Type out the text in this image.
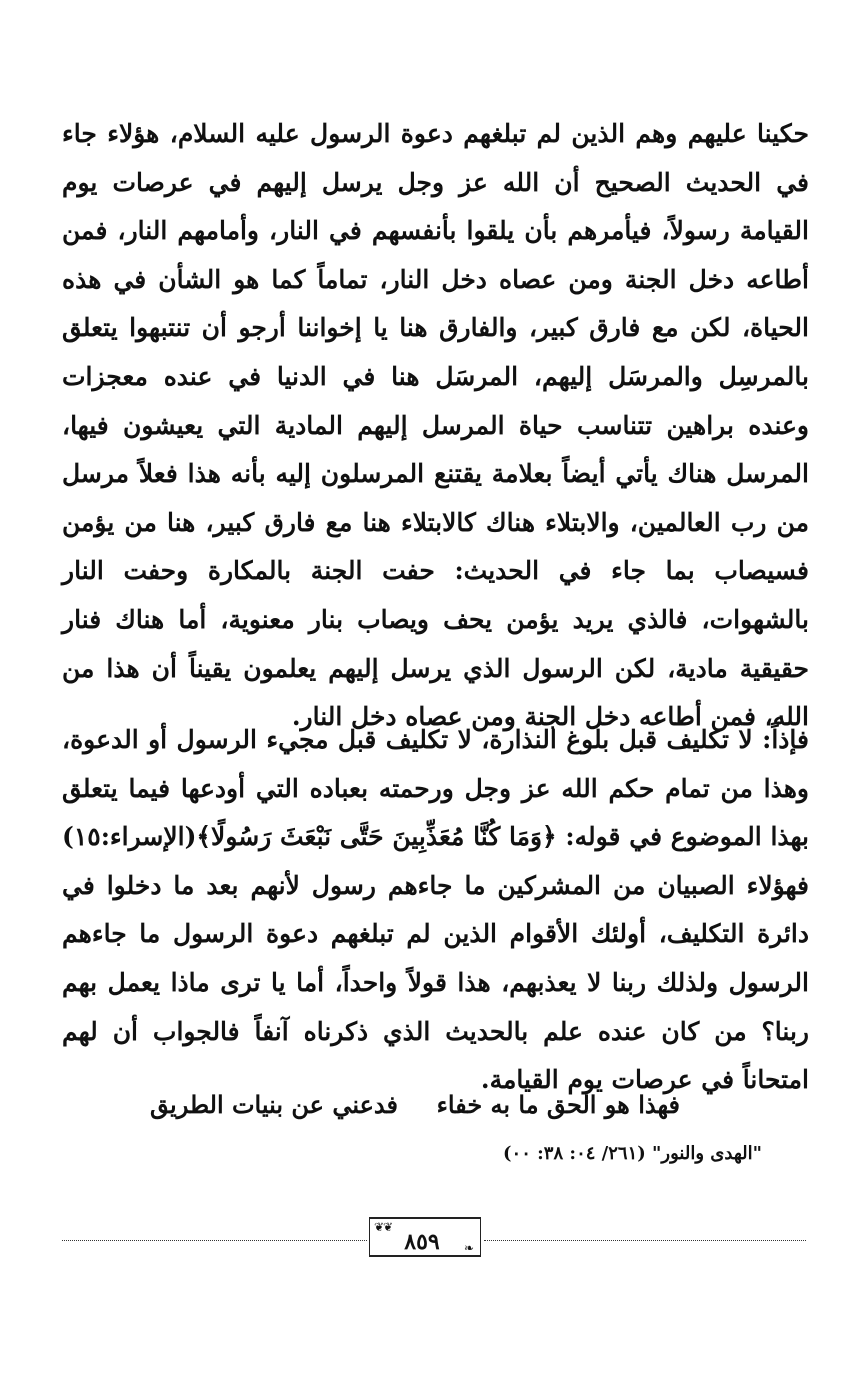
حكينا عليهم وهم الذين لم تبلغهم دعوة الرسول عليه السلام، هؤلاء جاء في الحديث الصحيح أن الله عز وجل يرسل إليهم في عرصات يوم القيامة رسولاً، فيأمرهم بأن يلقوا بأنفسهم في النار، وأمامهم النار، فمن أطاعه دخل الجنة ومن عصاه دخل النار، تماماً كما هو الشأن في هذه الحياة، لكن مع فارق كبير، والفارق هنا يا إخواننا أرجو أن تنتبهوا يتعلق بالمرسِل والمرسَل إليهم، المرسَل هنا في الدنيا في عنده معجزات وعنده براهين تتناسب حياة المرسل إليهم المادية التي يعيشون فيها، المرسل هناك يأتي أيضاً بعلامة يقتنع المرسلون إليه بأنه هذا فعلاً مرسل من رب العالمين، والابتلاء هناك كالابتلاء هنا مع فارق كبير، هنا من يؤمن فسيصاب بما جاء في الحديث: حفت الجنة بالمكارة وحفت النار بالشهوات، فالذي يريد يؤمن يحف ويصاب بنار معنوية، أما هناك فنار حقيقية مادية، لكن الرسول الذي يرسل إليهم يعلمون يقيناً أن هذا من الله، فمن أطاعه دخل الجنة ومن عصاه دخل النار.
فإذاً: لا تكليف قبل بلوغ النذارة، لا تكليف قبل مجيء الرسول أو الدعوة، وهذا من تمام حكم الله عز وجل ورحمته بعباده التي أودعها فيما يتعلق بهذا الموضوع في قوله: ﴿وَمَا كُنَّا مُعَذِّبِينَ حَتَّى نَبْعَثَ رَسُولًا﴾(الإسراء:١٥) فهؤلاء الصبيان من المشركين ما جاءهم رسول لأنهم بعد ما دخلوا في دائرة التكليف، أولئك الأقوام الذين لم تبلغهم دعوة الرسول ما جاءهم الرسول ولذلك ربنا لا يعذبهم، هذا قولاً واحداً، أما يا ترى ماذا يعمل بهم ربنا؟ من كان عنده علم بالحديث الذي ذكرناه آنفاً فالجواب أن لهم امتحاناً في عرصات يوم القيامة.
فهذا هو الحق ما به خفاء
فدعني عن بنيات الطريق
"الهدى والنور" (٢٦١/ ٠٤: ٣٨: ٠٠)
❦❦
٨٥٩	❧
